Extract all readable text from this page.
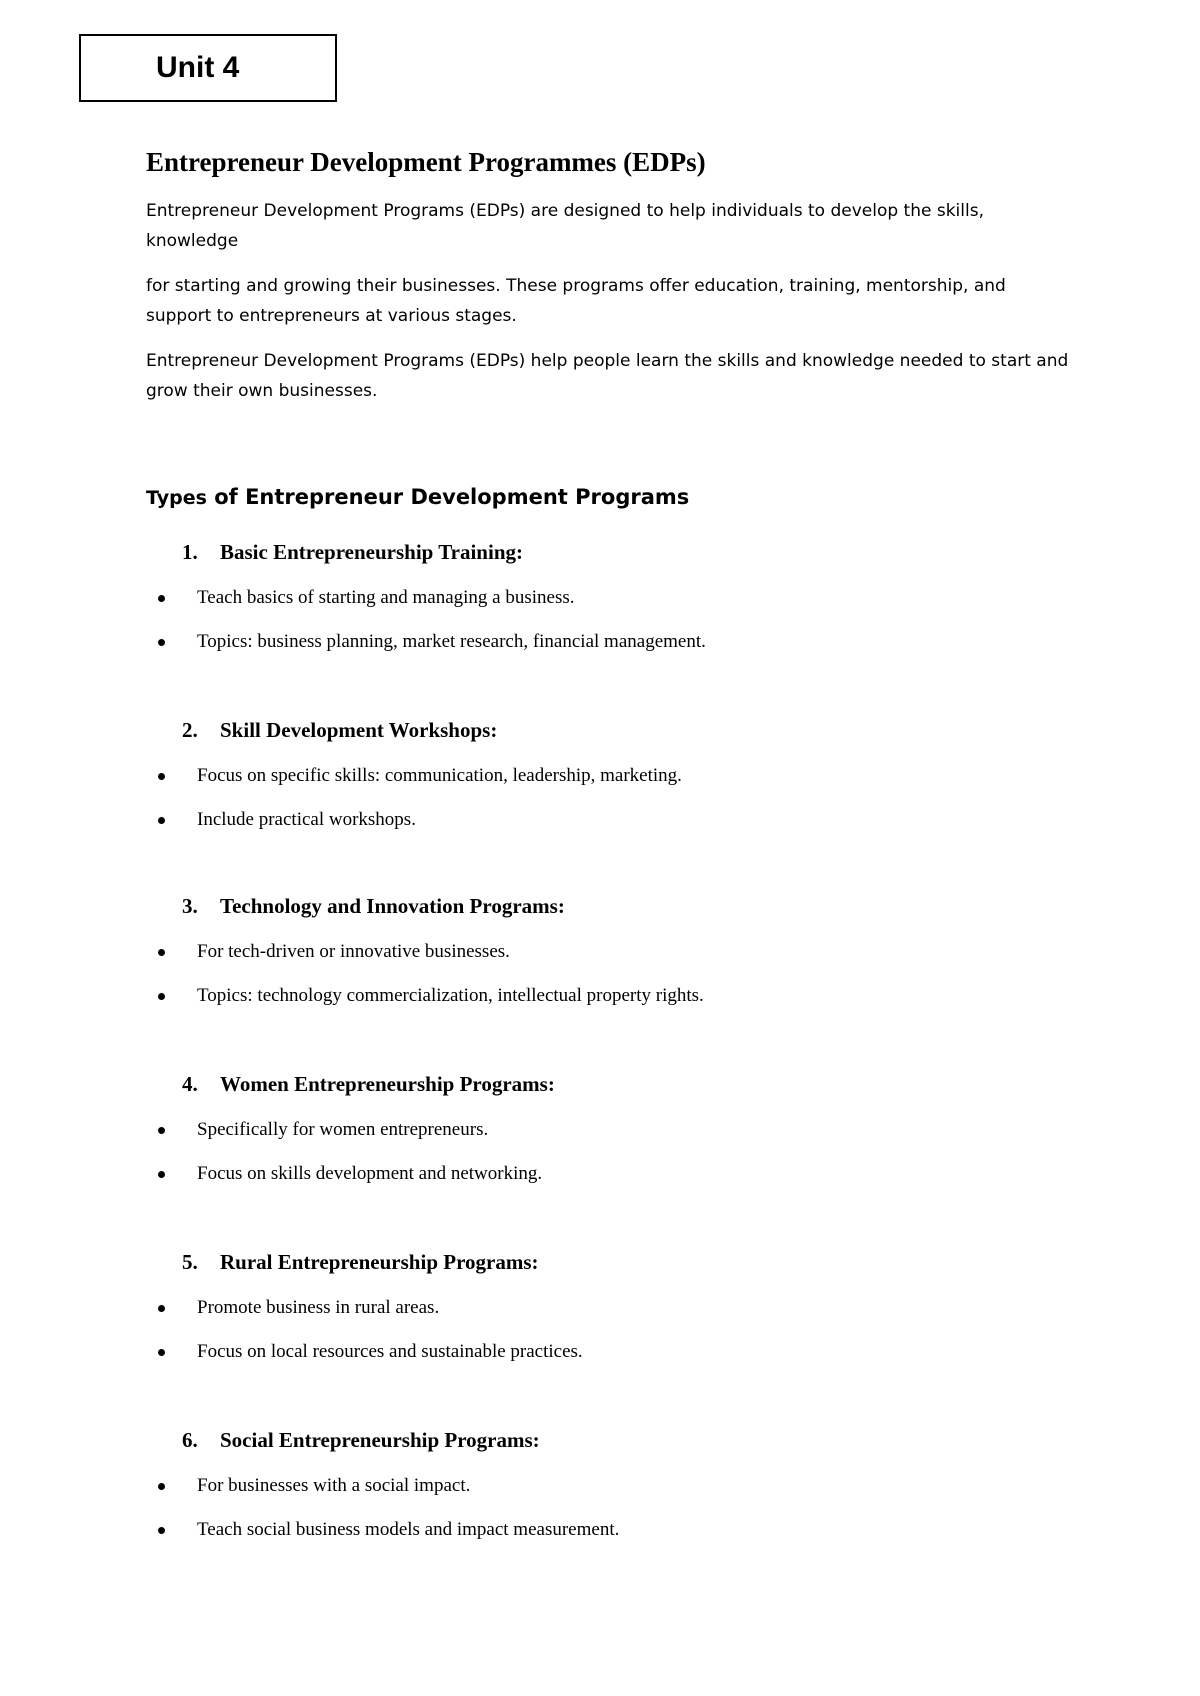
Unit 4
Entrepreneur Development Programmes (EDPs)

Entrepreneur Development Programs (EDPs) are designed to help individuals to develop the skills, knowledge

for starting and growing their businesses. These programs offer education, training, mentorship, and support to entrepreneurs at various stages.

Entrepreneur Development Programs (EDPs) help people learn the skills and knowledge needed to start and grow their own businesses.

Types of Entrepreneur Development Programs
1. Basic Entrepreneurship Training:
Teach basics of starting and managing a business.
Topics: business planning, market research, financial management.
2. Skill Development Workshops:
Focus on specific skills: communication, leadership, marketing.
Include practical workshops.
3. Technology and Innovation Programs:
For tech-driven or innovative businesses.
Topics: technology commercialization, intellectual property rights.
4. Women Entrepreneurship Programs:
Specifically for women entrepreneurs.
Focus on skills development and networking.
5. Rural Entrepreneurship Programs:
Promote business in rural areas.
Focus on local resources and sustainable practices.
6. Social Entrepreneurship Programs:
For businesses with a social impact.
Teach social business models and impact measurement.
